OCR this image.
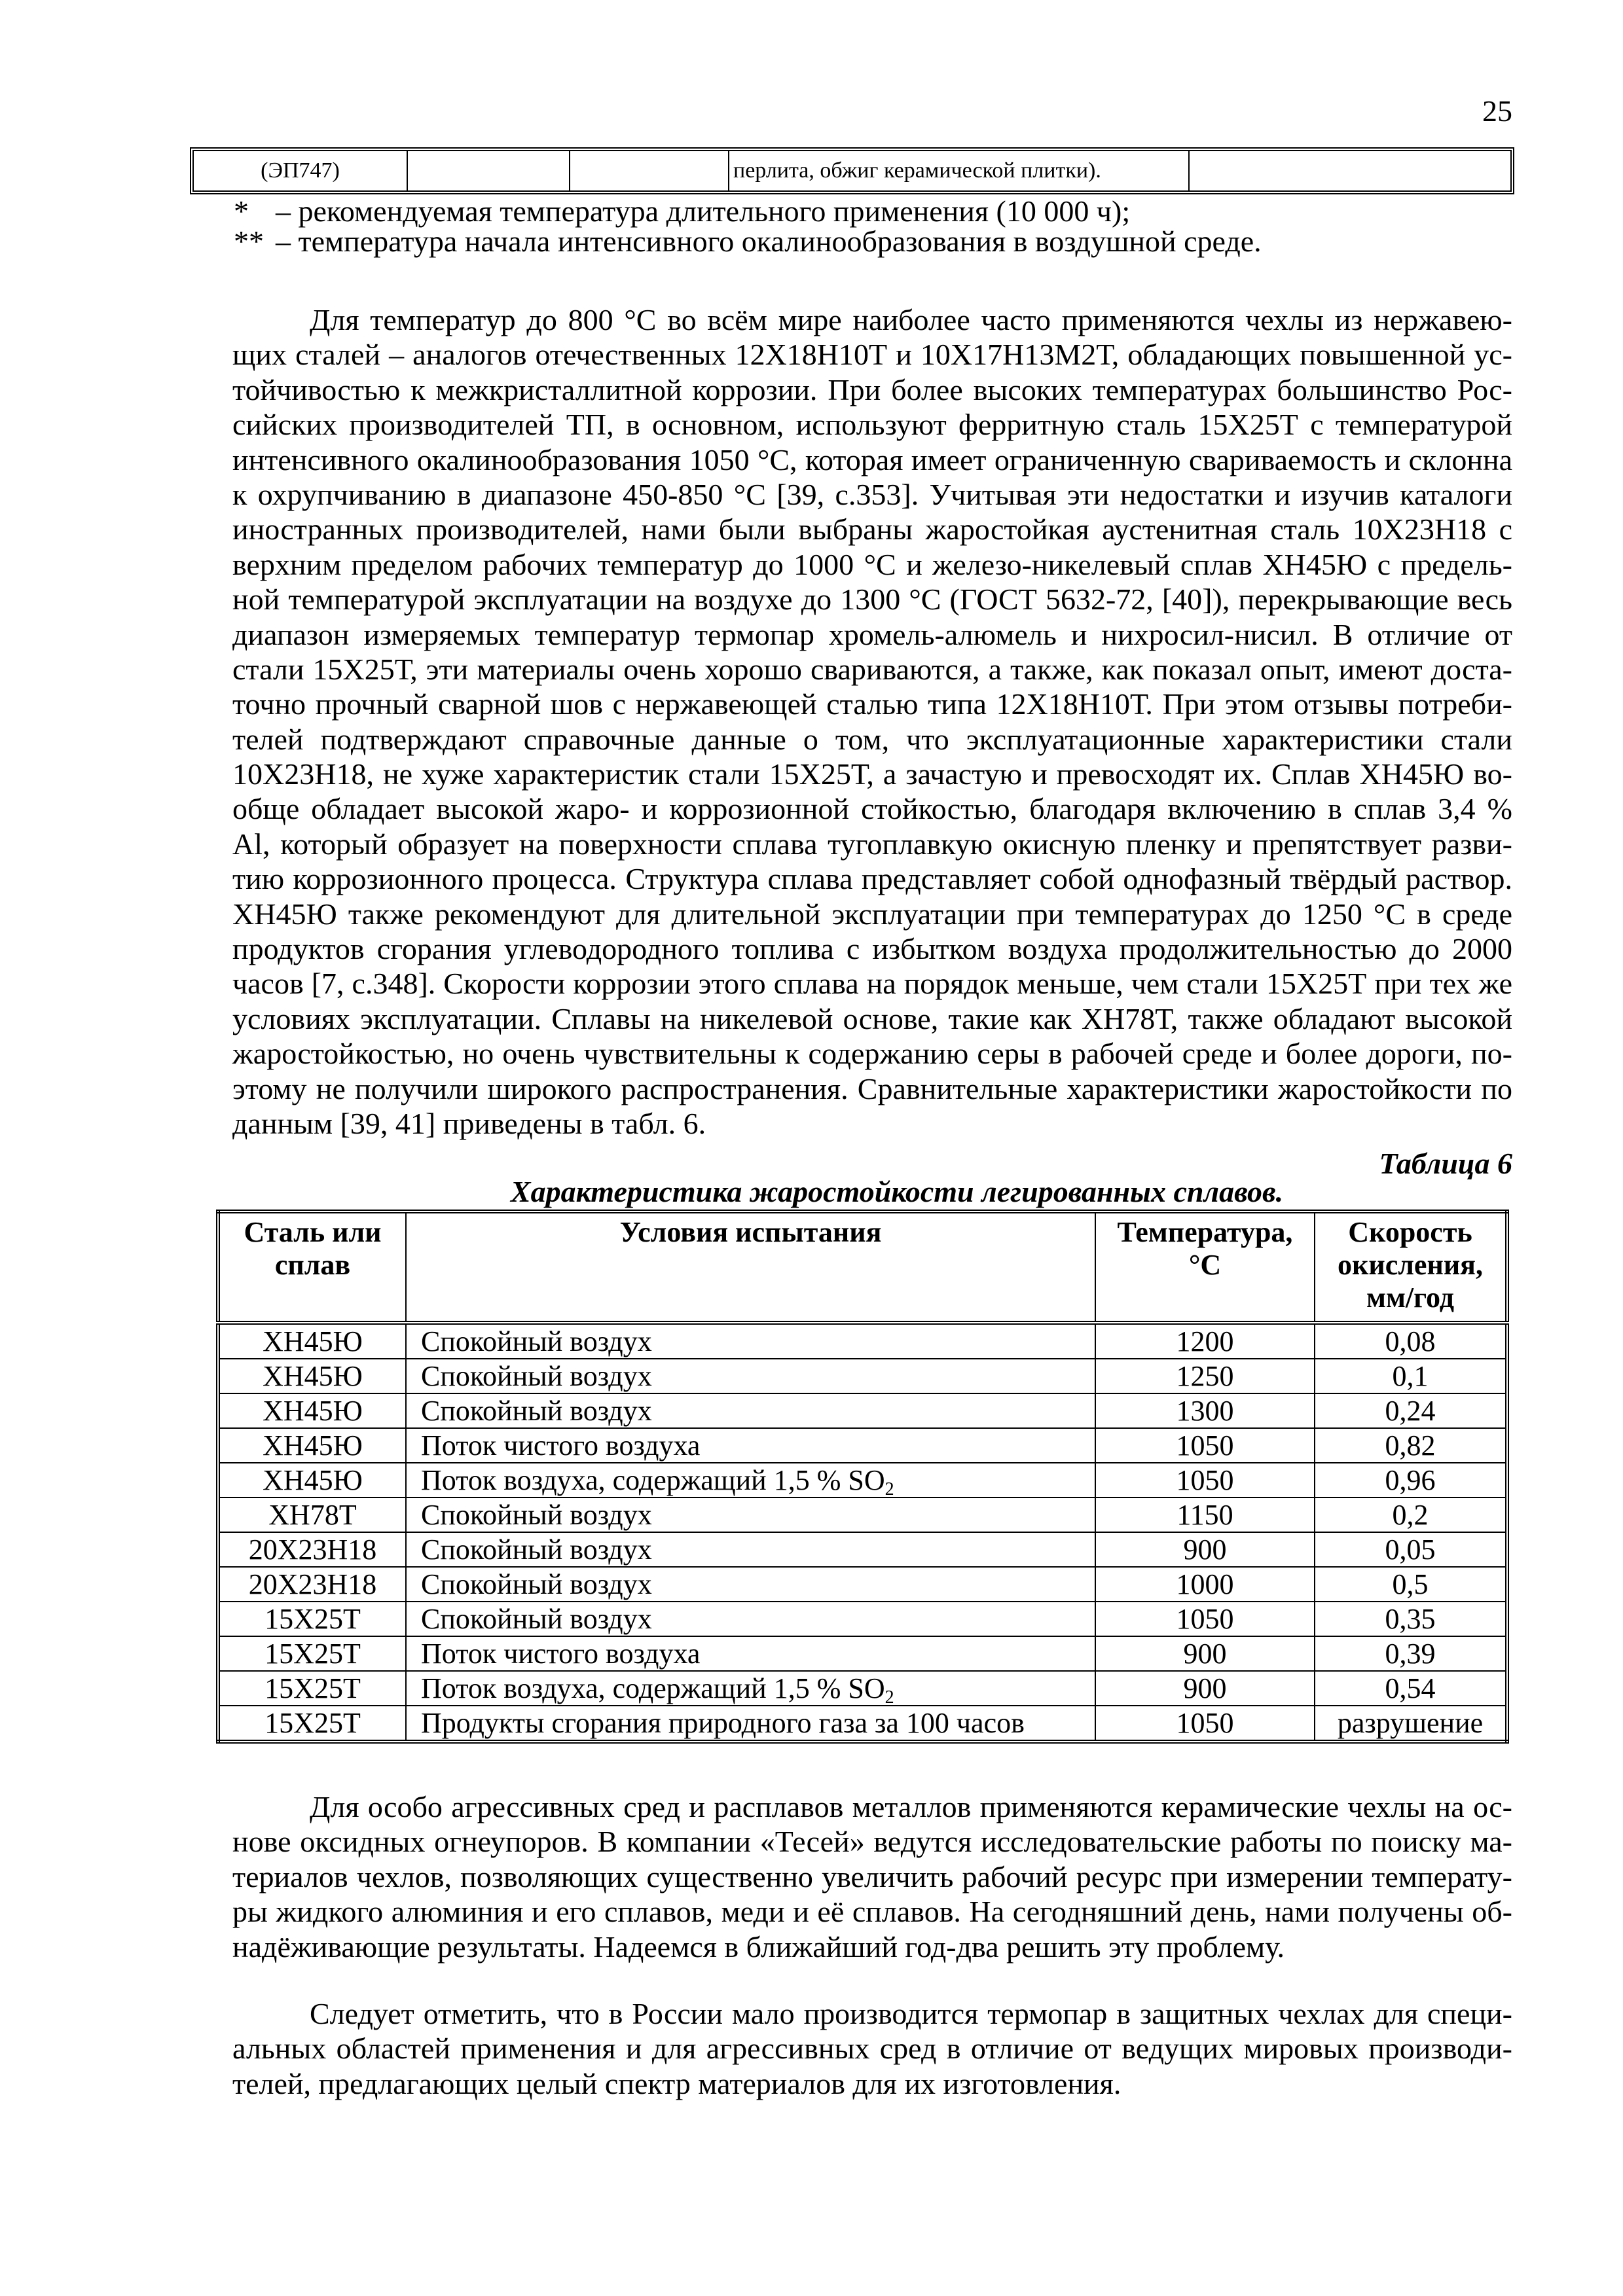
25
(ЭП747)			перлита, обжиг керамической плитки).	
* – рекомендуемая температура длительного применения (10 000 ч);
** – температура начала интенсивного окалинообразования в воздушной среде.
Для температур до 800 °С во всём мире наиболее часто применяются чехлы из нержавею-
щих сталей – аналогов отечественных 12Х18Н10Т и 10Х17Н13М2Т, обладающих повышенной ус-
тойчивостью к межкристаллитной коррозии. При более высоких температурах большинство Рос-
сийских производителей ТП, в основном, используют ферритную сталь 15Х25Т с температурой
интенсивного окалинообразования 1050 °С, которая имеет ограниченную свариваемость и склонна
к охрупчиванию в диапазоне 450-850 °С [39, с.353]. Учитывая эти недостатки и изучив каталоги
иностранных производителей, нами были выбраны жаростойкая аустенитная сталь 10Х23Н18 с
верхним пределом рабочих температур до 1000 °С и железо-никелевый сплав ХН45Ю с предель-
ной температурой эксплуатации на воздухе до 1300 °С (ГОСТ 5632-72, [40]), перекрывающие весь
диапазон измеряемых температур термопар хромель-алюмель и нихросил-нисил. В отличие от
стали 15Х25Т, эти материалы очень хорошо свариваются, а также, как показал опыт, имеют доста-
точно прочный сварной шов с нержавеющей сталью типа 12Х18Н10Т. При этом отзывы потреби-
телей подтверждают справочные данные о том, что эксплуатационные характеристики стали
10Х23Н18, не хуже характеристик стали 15Х25Т, а зачастую и превосходят их. Сплав ХН45Ю во-
обще обладает высокой жаро- и коррозионной стойкостью, благодаря включению в сплав 3,4 %
Al, который образует на поверхности сплава тугоплавкую окисную пленку и препятствует разви-
тию коррозионного процесса. Структура сплава представляет собой однофазный твёрдый раствор.
ХН45Ю также рекомендуют для длительной эксплуатации при температурах до 1250 °С в среде
продуктов сгорания углеводородного топлива с избытком воздуха продолжительностью до 2000
часов [7, с.348]. Скорости коррозии этого сплава на порядок меньше, чем стали 15Х25Т при тех же
условиях эксплуатации. Сплавы на никелевой основе, такие как ХН78Т, также обладают высокой
жаростойкостью, но очень чувствительны к содержанию серы в рабочей среде и более дороги, по-
этому не получили широкого распространения. Сравнительные характеристики жаростойкости по
данным [39, 41] приведены в табл. 6.
Таблица 6
Характеристика жаростойкости легированных сплавов.
Сталь или сплав	Условия испытания	Температура, °С	Скорость окисления, мм/год
ХН45Ю	Спокойный воздух	1200	0,08
ХН45Ю	Спокойный воздух	1250	0,1
ХН45Ю	Спокойный воздух	1300	0,24
ХН45Ю	Поток чистого воздуха	1050	0,82
ХН45Ю	Поток воздуха, содержащий 1,5 % $SO_2$	1050	0,96
ХН78Т	Спокойный воздух	1150	0,2
20Х23Н18	Спокойный воздух	900	0,05
20Х23Н18	Спокойный воздух	1000	0,5
15Х25Т	Спокойный воздух	1050	0,35
15Х25Т	Поток чистого воздуха	900	0,39
15Х25Т	Поток воздуха, содержащий 1,5 % $SO_2$	900	0,54
15Х25Т	Продукты сгорания природного газа за 100 часов	1050	разрушение
Для особо агрессивных сред и расплавов металлов применяются керамические чехлы на ос-
нове оксидных огнеупоров. В компании «Тесей» ведутся исследовательские работы по поиску ма-
териалов чехлов, позволяющих существенно увеличить рабочий ресурс при измерении температу-
ры жидкого алюминия и его сплавов, меди и её сплавов. На сегодняшний день, нами получены об-
надёживающие результаты. Надеемся в ближайший год-два решить эту проблему.
Следует отметить, что в России мало производится термопар в защитных чехлах для специ-
альных областей применения и для агрессивных сред в отличие от ведущих мировых производи-
телей, предлагающих целый спектр материалов для их изготовления.
